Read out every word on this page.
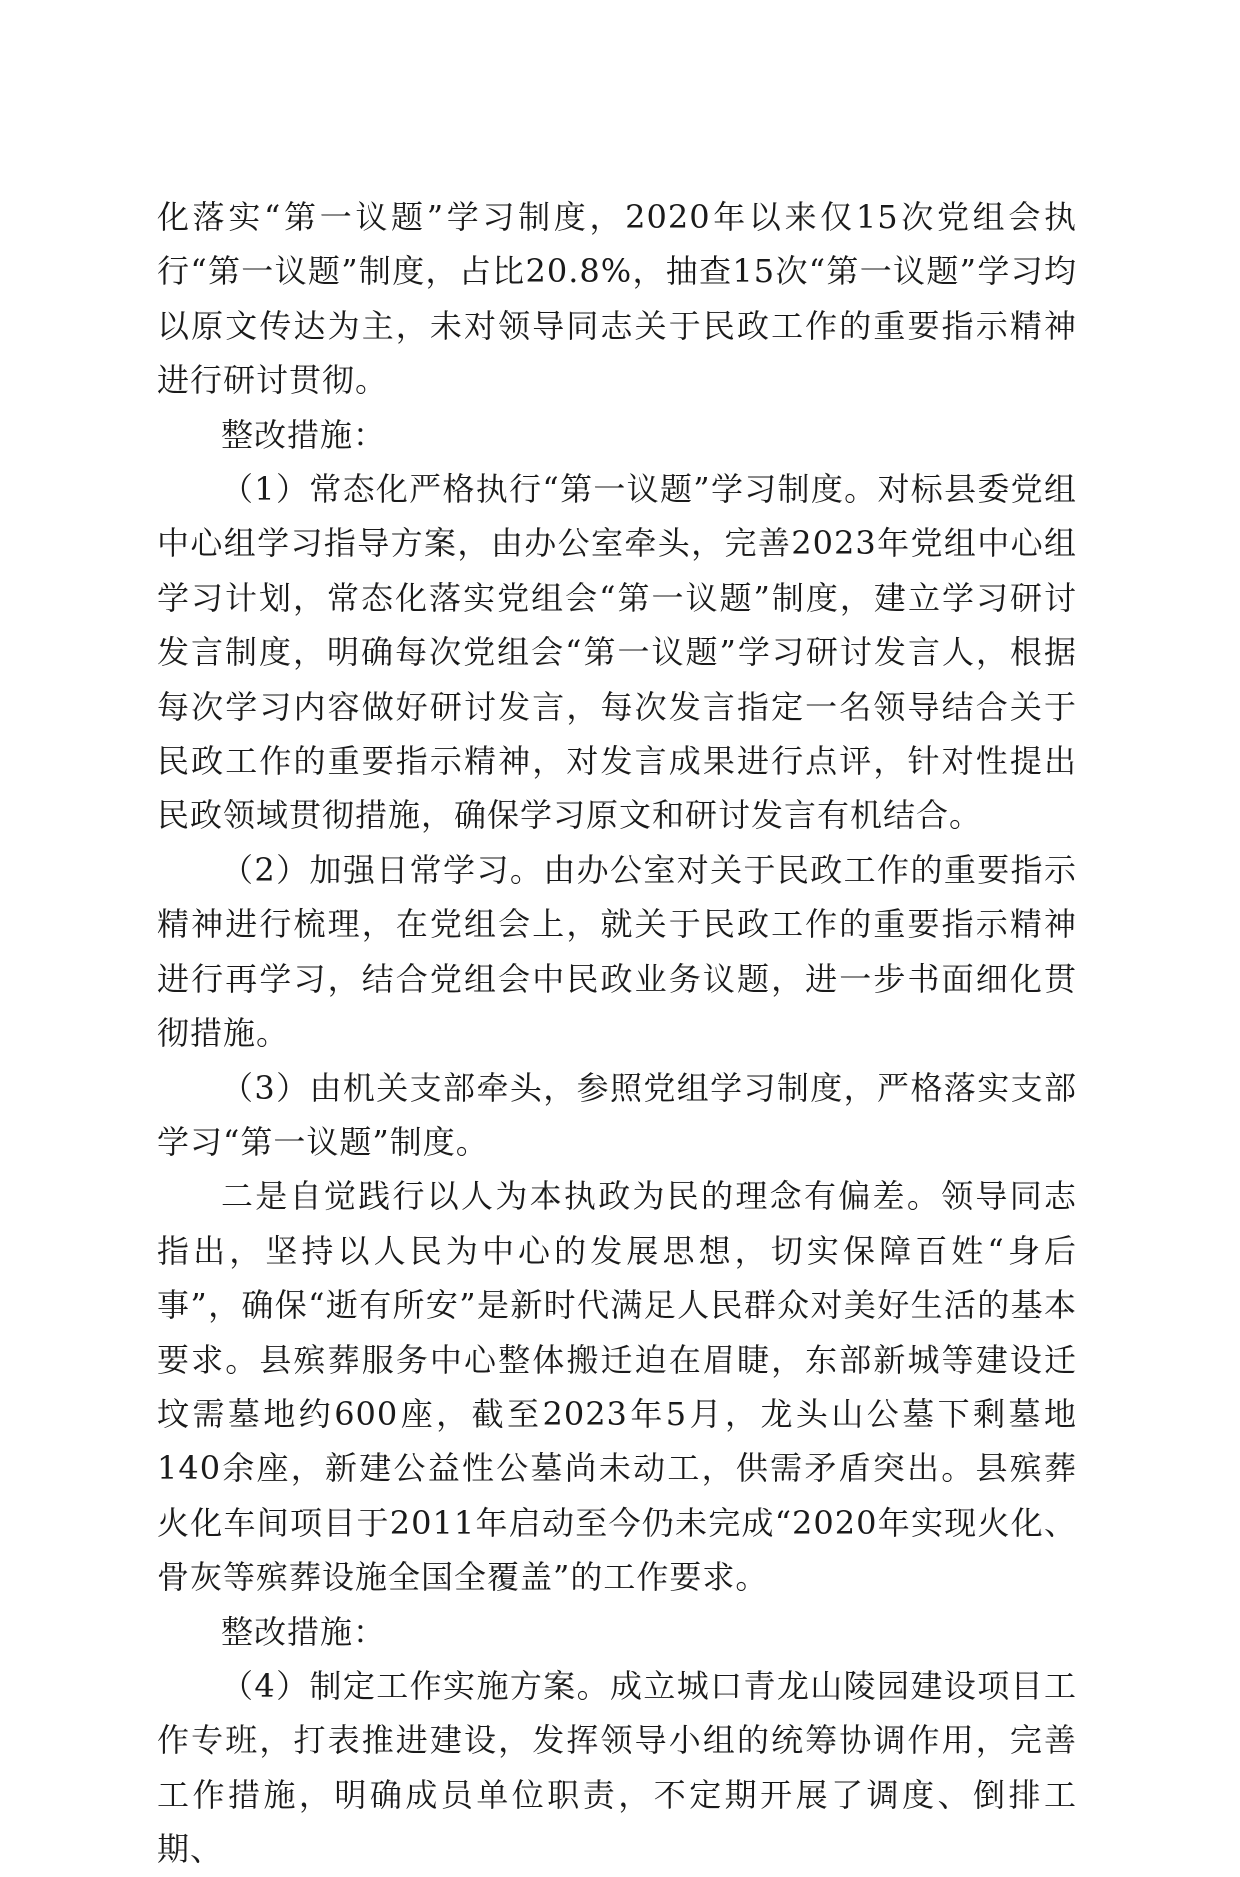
化落实“第一议题”学习制度，2020年以来仅15次党组会执行“第一议题”制度，占比20.8%，抽查15次“第一议题”学习均以原文传达为主，未对领导同志关于民政工作的重要指示精神进行研讨贯彻。

整改措施：

（1）常态化严格执行“第一议题”学习制度。对标县委党组中心组学习指导方案，由办公室牵头，完善2023年党组中心组学习计划，常态化落实党组会“第一议题”制度，建立学习研讨发言制度，明确每次党组会“第一议题”学习研讨发言人，根据每次学习内容做好研讨发言，每次发言指定一名领导结合关于民政工作的重要指示精神，对发言成果进行点评，针对性提出民政领域贯彻措施，确保学习原文和研讨发言有机结合。

（2）加强日常学习。由办公室对关于民政工作的重要指示精神进行梳理，在党组会上，就关于民政工作的重要指示精神进行再学习，结合党组会中民政业务议题，进一步书面细化贯彻措施。

（3）由机关支部牵头，参照党组学习制度，严格落实支部学习“第一议题”制度。

二是自觉践行以人为本执政为民的理念有偏差。领导同志指出，坚持以人民为中心的发展思想，切实保障百姓“身后事”，确保“逝有所安”是新时代满足人民群众对美好生活的基本要求。县殡葬服务中心整体搬迁迫在眉睫，东部新城等建设迁坟需墓地约600座，截至2023年5月，龙头山公墓下剩墓地140余座，新建公益性公墓尚未动工，供需矛盾突出。县殡葬火化车间项目于2011年启动至今仍未完成“2020年实现火化、骨灰等殡葬设施全国全覆盖”的工作要求。

整改措施：

（4）制定工作实施方案。成立城口青龙山陵园建设项目工作专班，打表推进建设，发挥领导小组的统筹协调作用，完善工作措施，明确成员单位职责，不定期开展了调度、倒排工期、
